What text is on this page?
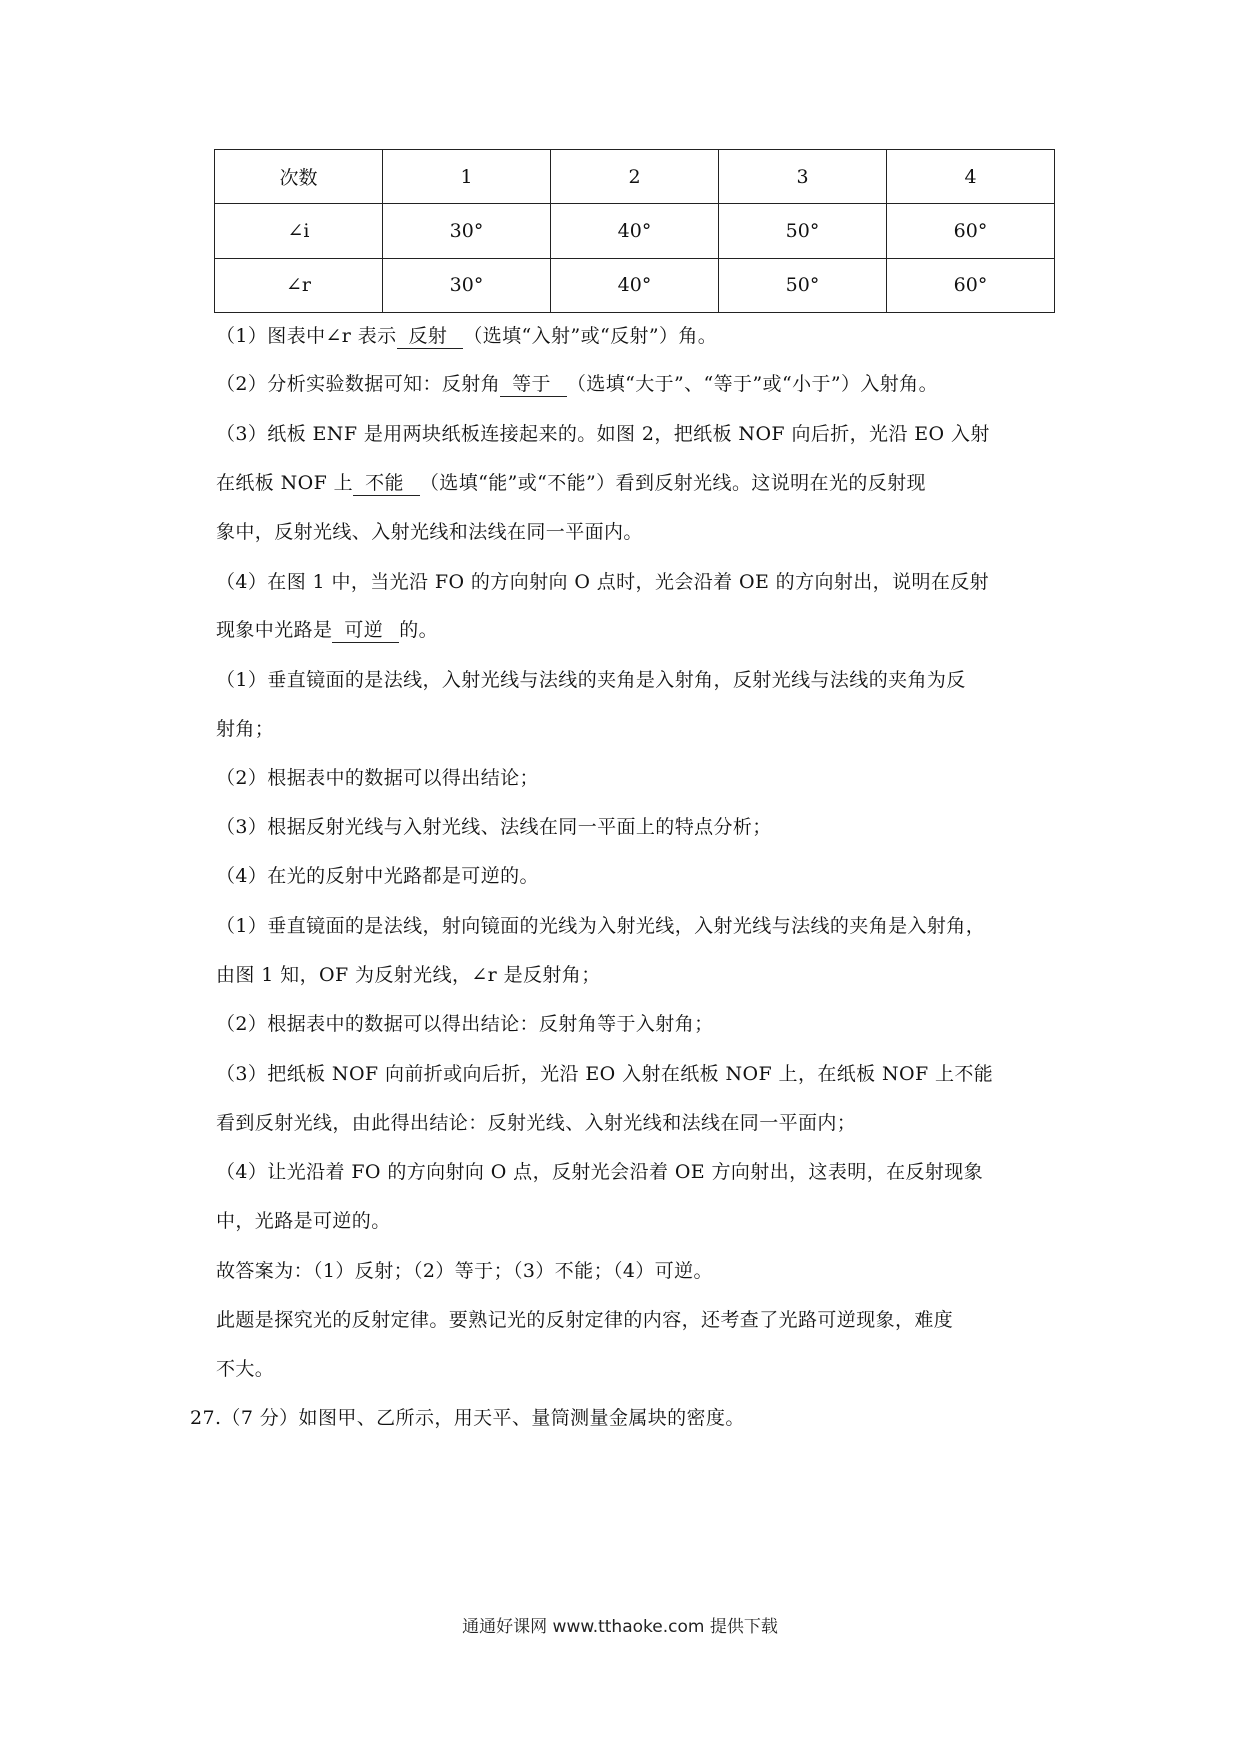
次数	1	2	3	4
∠i	30°	40°	50°	60°
∠r	30°	40°	50°	60°
（1）图表中∠r 表示 反射 （选填“入射”或“反射”）角。
（2）分析实验数据可知：反射角 等于 （选填“大于”、“等于”或“小于”）入射角。
（3）纸板 ENF 是用两块纸板连接起来的。如图 2，把纸板 NOF 向后折，光沿 EO 入射
在纸板 NOF 上 不能 （选填“能”或“不能”）看到反射光线。这说明在光的反射现
象中，反射光线、入射光线和法线在同一平面内。
（4）在图 1 中，当光沿 FO 的方向射向 O 点时，光会沿着 OE 的方向射出，说明在反射
现象中光路是 可逆 的。
（1）垂直镜面的是法线，入射光线与法线的夹角是入射角，反射光线与法线的夹角为反
射角；
（2）根据表中的数据可以得出结论；
（3）根据反射光线与入射光线、法线在同一平面上的特点分析；
（4）在光的反射中光路都是可逆的。
（1）垂直镜面的是法线，射向镜面的光线为入射光线，入射光线与法线的夹角是入射角，
由图 1 知，OF 为反射光线，∠r 是反射角；
（2）根据表中的数据可以得出结论：反射角等于入射角；
（3）把纸板 NOF 向前折或向后折，光沿 EO 入射在纸板 NOF 上，在纸板 NOF 上不能
看到反射光线，由此得出结论：反射光线、入射光线和法线在同一平面内；
（4）让光沿着 FO 的方向射向 O 点，反射光会沿着 OE 方向射出，这表明，在反射现象
中，光路是可逆的。
故答案为：（1）反射；（2）等于；（3）不能；（4）可逆。
此题是探究光的反射定律。要熟记光的反射定律的内容，还考查了光路可逆现象，难度
不大。
27.（7 分）如图甲、乙所示，用天平、量筒测量金属块的密度。
通通好课网 www.tthaoke.com 提供下载
